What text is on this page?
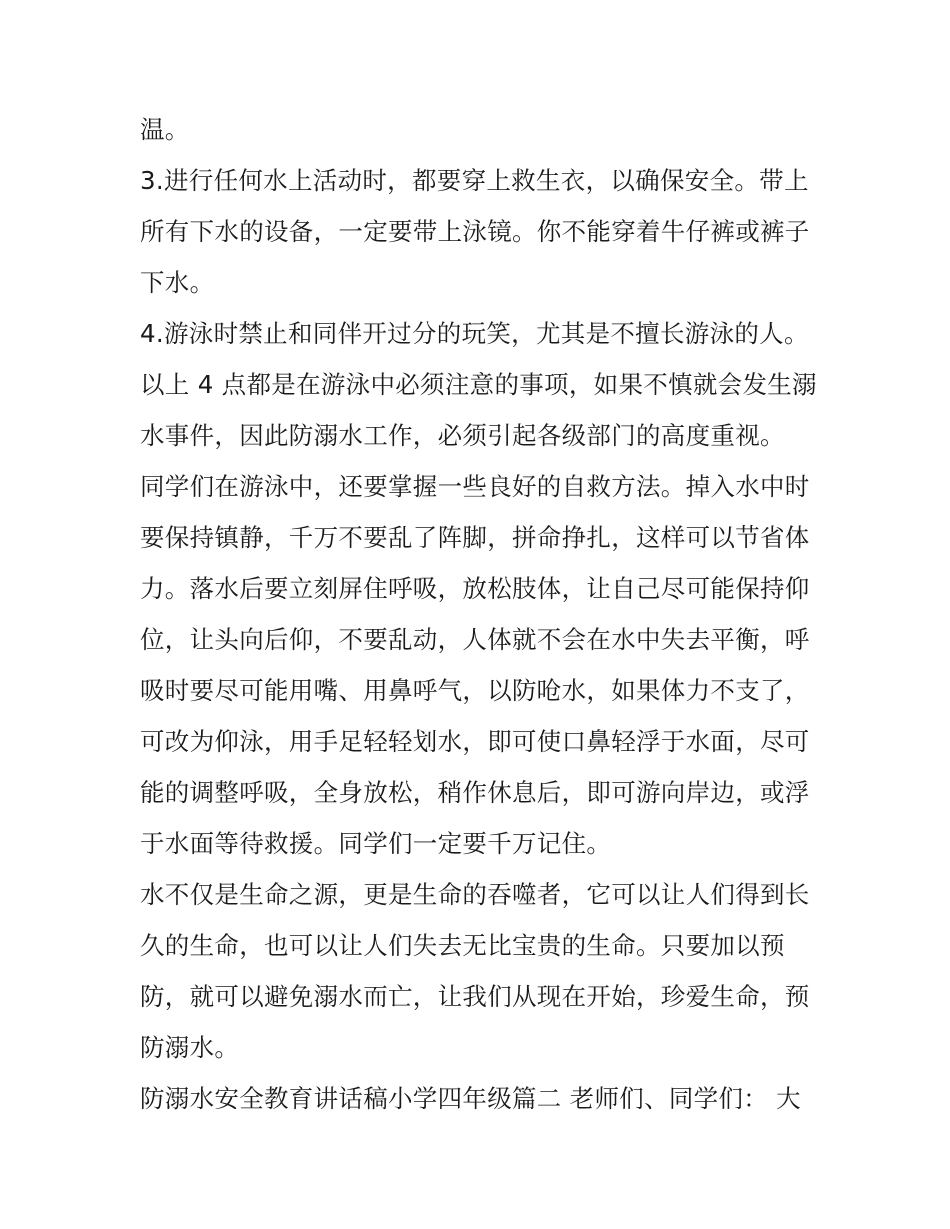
温。
3.进行任何水上活动时，都要穿上救生衣，以确保安全。带上
所有下水的设备，一定要带上泳镜。你不能穿着牛仔裤或裤子
下水。
4.游泳时禁止和同伴开过分的玩笑，尤其是不擅长游泳的人。
以上 4 点都是在游泳中必须注意的事项，如果不慎就会发生溺
水事件，因此防溺水工作，必须引起各级部门的高度重视。
同学们在游泳中，还要掌握一些良好的自救方法。掉入水中时
要保持镇静，千万不要乱了阵脚，拼命挣扎，这样可以节省体
力。落水后要立刻屏住呼吸，放松肢体，让自己尽可能保持仰
位，让头向后仰，不要乱动，人体就不会在水中失去平衡，呼
吸时要尽可能用嘴、用鼻呼气，以防呛水，如果体力不支了，
可改为仰泳，用手足轻轻划水，即可使口鼻轻浮于水面，尽可
能的调整呼吸，全身放松，稍作休息后，即可游向岸边，或浮
于水面等待救援。同学们一定要千万记住。
水不仅是生命之源，更是生命的吞噬者，它可以让人们得到长
久的生命，也可以让人们失去无比宝贵的生命。只要加以预
防，就可以避免溺水而亡，让我们从现在开始，珍爱生命，预
防溺水。
防溺水安全教育讲话稿小学四年级篇二 老师们、同学们： 大
